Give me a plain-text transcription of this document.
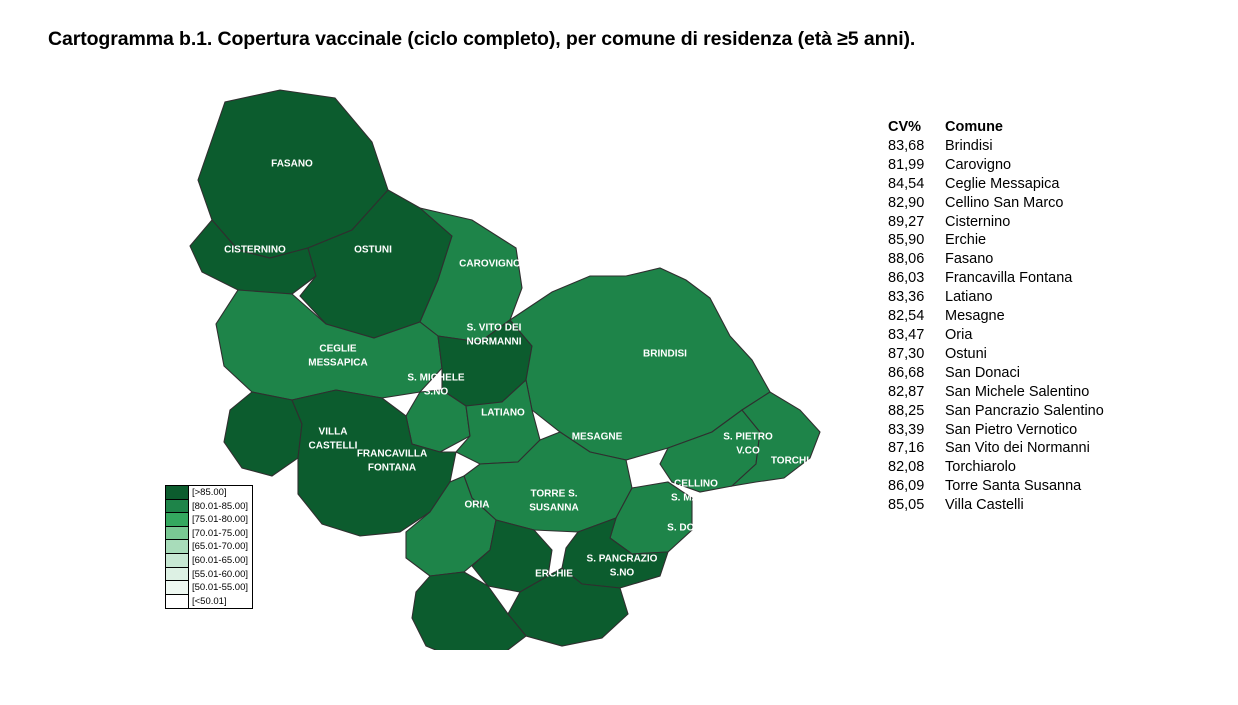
Cartogramma b.1. Copertura vaccinale (ciclo completo), per comune di residenza (età ≥5 anni).
FASANO
CISTERNINO	OSTUNI
CAROVIGNO
CEGLIE
MESSAPICA
S. VITO DEI
NORMANNI
S. MICHELE
S.NO
BRINDISI
LATIANO
VILLA
CASTELLI
FRANCAVILLA
FONTANA
MESAGNE
ORIA
TORRE S.
SUSANNA
CELLINO
S. MARCO
S. PIETRO
V.CO
TORCHIAROLO
S. DONACI
S. PANCRAZIO
S.NO
ERCHIE
[>85.00]
[80.01-85.00]
[75.01-80.00]
[70.01-75.00]
[65.01-70.00]
[60.01-65.00]
[55.01-60.00]
[50.01-55.00]
[<50.01]
CV%	Comune
83,68	Brindisi
81,99	Carovigno
84,54	Ceglie Messapica
82,90	Cellino San Marco
89,27	Cisternino
85,90	Erchie
88,06	Fasano
86,03	Francavilla Fontana
83,36	Latiano
82,54	Mesagne
83,47	Oria
87,30	Ostuni
86,68	San Donaci
82,87	San Michele Salentino
88,25	San Pancrazio Salentino
83,39	San Pietro Vernotico
87,16	San Vito dei Normanni
82,08	Torchiarolo
86,09	Torre Santa Susanna
85,05	Villa Castelli
